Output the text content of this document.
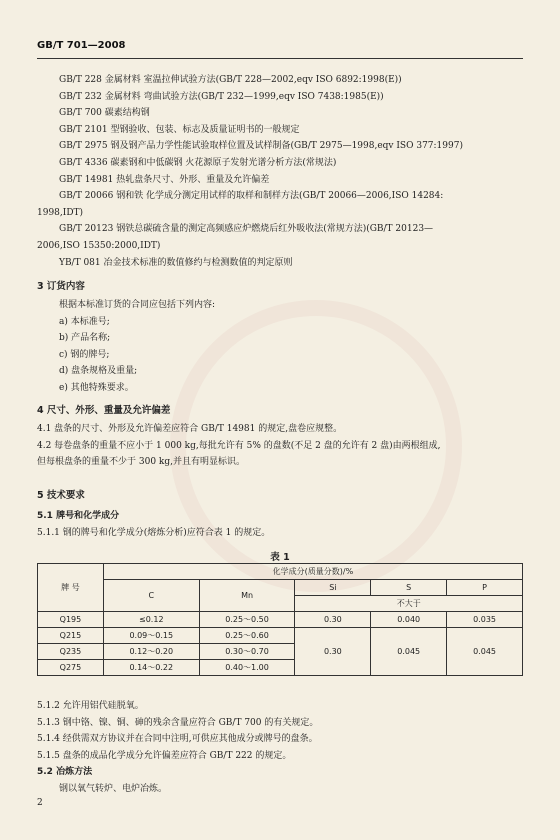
GB/T 701—2008
GB/T 228 金属材料 室温拉伸试验方法(GB/T 228—2002,eqv ISO 6892:1998(E))
GB/T 232 金属材料 弯曲试验方法(GB/T 232—1999,eqv ISO 7438:1985(E))
GB/T 700 碳素结构钢
GB/T 2101 型钢验收、包装、标志及质量证明书的一般规定
GB/T 2975 钢及钢产品力学性能试验取样位置及试样制备(GB/T 2975—1998,eqv ISO 377:1997)
GB/T 4336 碳素钢和中低碳钢 火花源原子发射光谱分析方法(常规法)
GB/T 14981 热轧盘条尺寸、外形、重量及允许偏差
GB/T 20066 钢和铁 化学成分测定用试样的取样和制样方法(GB/T 20066—2006,ISO 14284:
1998,IDT)
GB/T 20123 钢铁总碳硫含量的测定高频感应炉燃烧后红外吸收法(常规方法)(GB/T 20123—
2006,ISO 15350:2000,IDT)
YB/T 081 冶金技术标准的数值修约与检测数值的判定原则
3 订货内容
根据本标准订货的合同应包括下列内容:
a) 本标准号;
b) 产品名称;
c) 钢的牌号;
d) 盘条规格及重量;
e) 其他特殊要求。
4 尺寸、外形、重量及允许偏差
4.1 盘条的尺寸、外形及允许偏差应符合 GB/T 14981 的规定,盘卷应规整。
4.2 每卷盘条的重量不应小于 1 000 kg,每批允许有 5% 的盘数(不足 2 盘的允许有 2 盘)由两根组成,
但每根盘条的重量不少于 300 kg,并且有明显标识。
5 技术要求
5.1 牌号和化学成分
5.1.1 钢的牌号和化学成分(熔炼分析)应符合表 1 的规定。
表 1
牌 号	化学成分(质量分数)/%				
	C	Mn	Si	S	P
			不大于		
Q195	≤0.12	0.25～0.50	0.30	0.040	0.035
Q215	0.09～0.15	0.25～0.60	0.30	0.045	0.045
Q235	0.12～0.20	0.30～0.70			
Q275	0.14～0.22	0.40～1.00			
5.1.2 允许用铝代硅脱氧。
5.1.3 钢中铬、镍、铜、砷的残余含量应符合 GB/T 700 的有关规定。
5.1.4 经供需双方协议并在合同中注明,可供应其他成分或牌号的盘条。
5.1.5 盘条的成品化学成分允许偏差应符合 GB/T 222 的规定。
5.2 冶炼方法
钢以氧气转炉、电炉冶炼。
2
